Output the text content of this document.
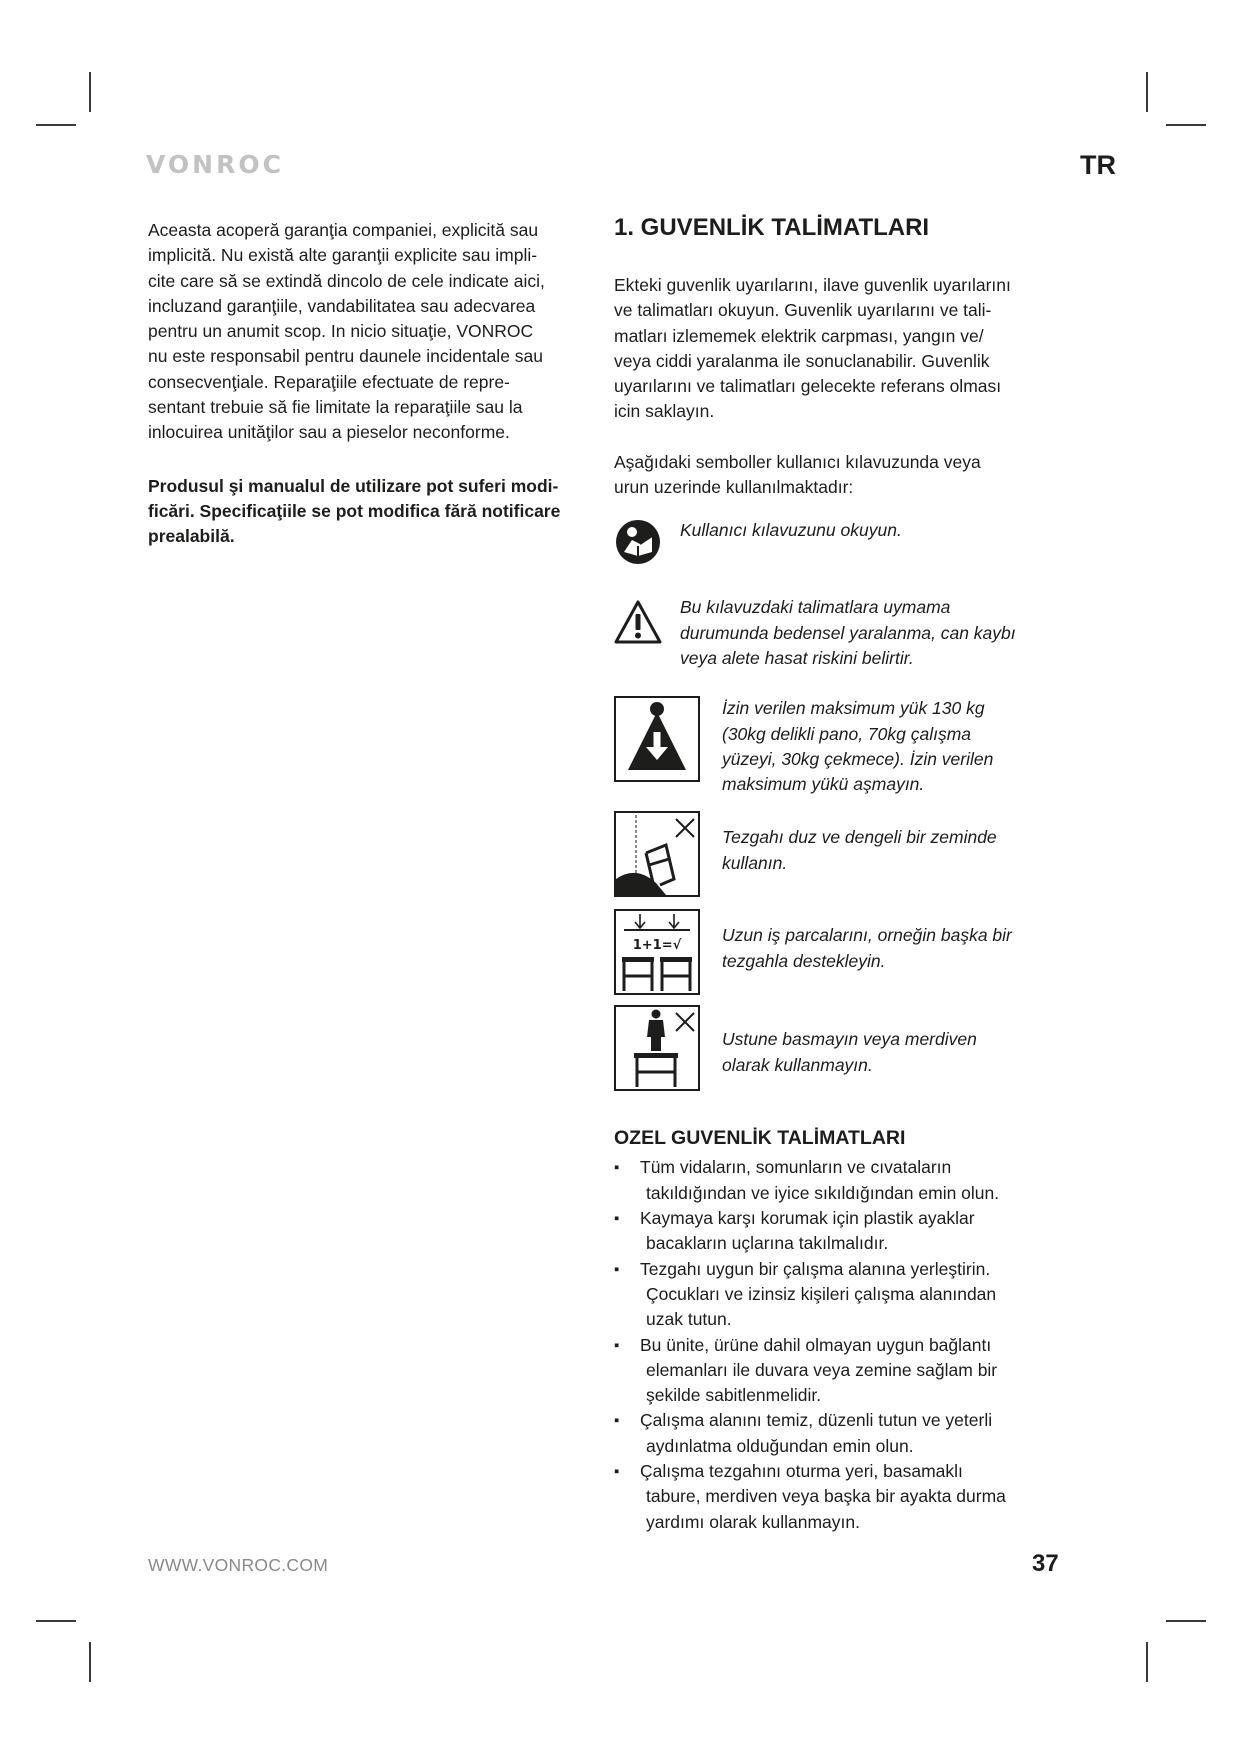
VONROC	TR

Aceasta acoperă garanţia companiei, explicită sau
implicită. Nu există alte garanţii explicite sau impli-
cite care să se extindă dincolo de cele indicate aici,
incluzand garanţiile, vandabilitatea sau adecvarea
pentru un anumit scop. In nicio situaţie, VONROC
nu este responsabil pentru daunele incidentale sau
consecvenţiale. Reparaţiile efectuate de repre-
sentant trebuie să fie limitate la reparaţiile sau la
inlocuirea unităţilor sau a pieselor neconforme.

Produsul şi manualul de utilizare pot suferi modi-
ficări. Specificaţiile se pot modifica fără notificare
prealabilă.

1. GUVENLİK TALİMATLARI

Ekteki guvenlik uyarılarını, ilave guvenlik uyarılarını
ve talimatları okuyun. Guvenlik uyarılarını ve tali-
matları izlememek elektrik carpması, yangın ve/
veya ciddi yaralanma ile sonuclanabilir. Guvenlik
uyarılarını ve talimatları gelecekte referans olması
icin saklayın.

Aşağıdaki semboller kullanıcı kılavuzunda veya
urun uzerinde kullanılmaktadır:

Kullanıcı kılavuzunu okuyun.
Bu kılavuzdaki talimatlara uymama
durumunda bedensel yaralanma, can kaybı
veya alete hasat riskini belirtir.
İzin verilen maksimum yük 130 kg
(30kg delikli pano, 70kg çalışma
yüzeyi, 30kg çekmece). İzin verilen
maksimum yükü aşmayın.
Tezgahı duz ve dengeli bir zeminde
kullanın.
1+1=√
Uzun iş parcalarını, orneğin başka bir
tezgahla destekleyin.
Ustune basmayın veya merdiven
olarak kullanmayın.
OZEL GUVENLİK TALİMATLARI
▪ Tüm vidaların, somunların ve cıvataların
takıldığından ve iyice sıkıldığından emin olun.
▪ Kaymaya karşı korumak için plastik ayaklar
bacakların uçlarına takılmalıdır.
▪ Tezgahı uygun bir çalışma alanına yerleştirin.
Çocukları ve izinsiz kişileri çalışma alanından
uzak tutun.
▪ Bu ünite, ürüne dahil olmayan uygun bağlantı
elemanları ile duvara veya zemine sağlam bir
şekilde sabitlenmelidir.
▪ Çalışma alanını temiz, düzenli tutun ve yeterli
aydınlatma olduğundan emin olun.
▪ Çalışma tezgahını oturma yeri, basamaklı
tabure, merdiven veya başka bir ayakta durma
yardımı olarak kullanmayın.
WWW.VONROC.COM	37
